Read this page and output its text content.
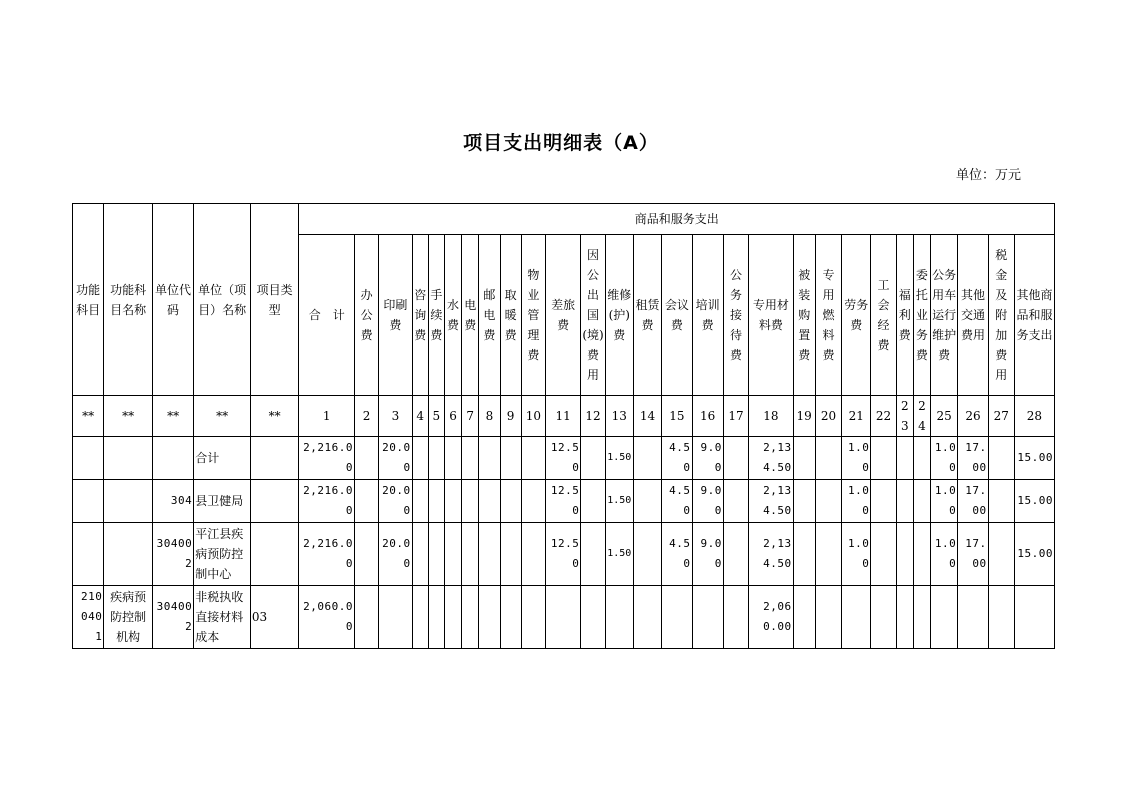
项目支出明细表（A）
单位：万元
功能科目	功能科目名称	单位代码	单位（项目）名称	项目类型	商品和服务支出																											
					合　计	办公费	印刷费	咨询费	手续费	水费	电费	邮电费	取暖费	物业管理费	差旅费	因公出国(境)费用	维修(护)费	租赁费	会议费	培训费	公务接待费	专用材料费	被装购置费	专用燃料费	劳务费	工会经费	福利费	委托业务费	公务用车运行维护费	其他交通费用	税金及附加费用	其他商品和服务支出
**	**	**	**	**	1	2	3	4	5	6	7	8	9	10	11	12	13	14	15	16	17	18	19	20	21	22	23	24	25	26	27	28
			合计		2,216.00		20.00								12.50		1.50		4.50	9.00		2,134.50			1.00				1.00	17.00		15.00
		304	县卫健局		2,216.00		20.00								12.50		1.50		4.50	9.00		2,134.50			1.00				1.00	17.00		15.00
		304002	平江县疾病预防控制中心		2,216.00		20.00								12.50		1.50		4.50	9.00		2,134.50			1.00				1.00	17.00		15.00
2100401	疾病预防控制机构	304002	非税执收直接材料成本	03	2,060.00																	2,060.00										
